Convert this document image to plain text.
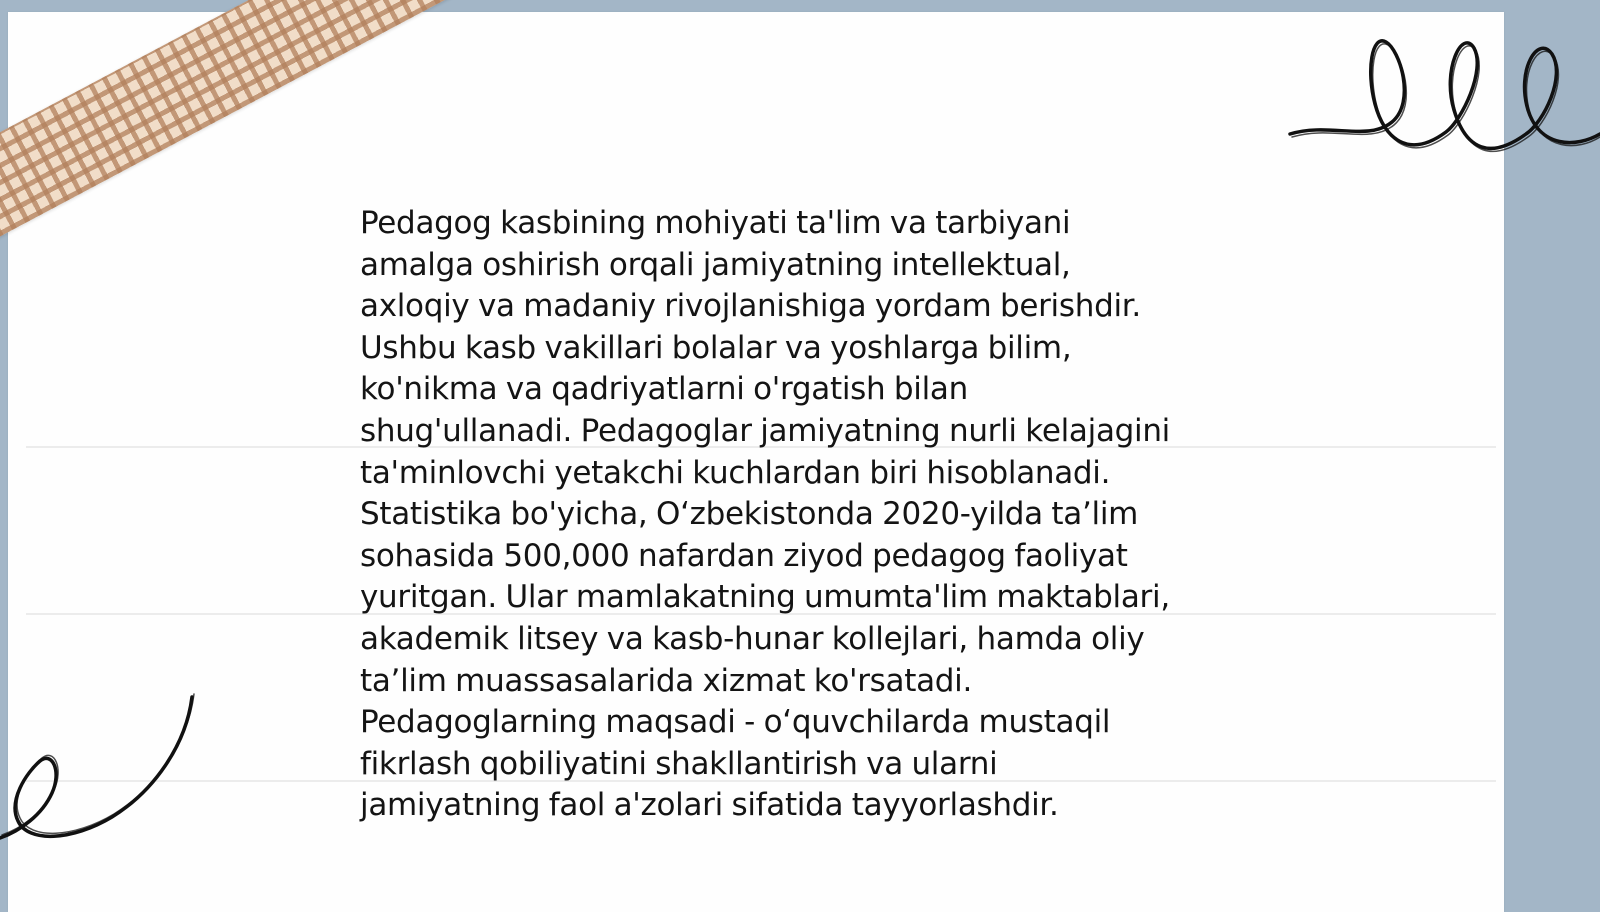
Pedagog kasbining mohiyati ta'lim va tarbiyani
amalga oshirish orqali jamiyatning intellektual,
axloqiy va madaniy rivojlanishiga yordam berishdir.
Ushbu kasb vakillari bolalar va yoshlarga bilim,
ko'nikma va qadriyatlarni o'rgatish bilan
shug'ullanadi. Pedagoglar jamiyatning nurli kelajagini
ta'minlovchi yetakchi kuchlardan biri hisoblanadi.
Statistika bo'yicha, O‘zbekistonda 2020-yilda ta’lim
sohasida 500,000 nafardan ziyod pedagog faoliyat
yuritgan. Ular mamlakatning umumta'lim maktablari,
akademik litsey va kasb-hunar kollejlari, hamda oliy
ta’lim muassasalarida xizmat ko'rsatadi.
Pedagoglarning maqsadi - o‘quvchilarda mustaqil
fikrlash qobiliyatini shakllantirish va ularni
jamiyatning faol a'zolari sifatida tayyorlashdir.
